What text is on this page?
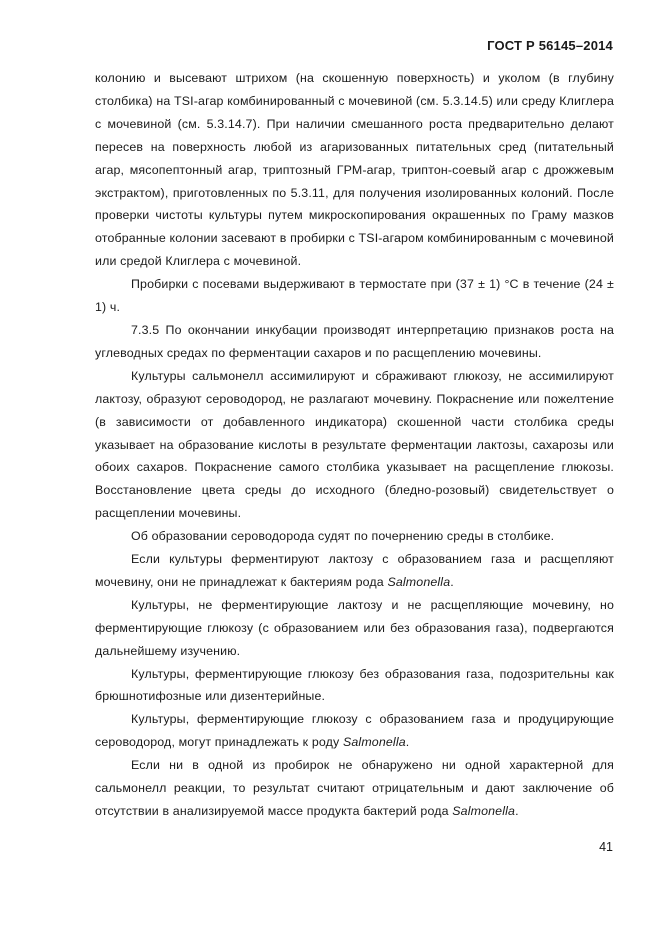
ГОСТ Р 56145–2014

колонию и высевают штрихом (на скошенную поверхность) и уколом (в глубину столбика) на TSI-агар комбинированный с мочевиной (см. 5.3.14.5) или среду Клиглера с мочевиной (см. 5.3.14.7). При наличии смешанного роста предварительно делают пересев на поверхность любой из агаризованных питательных сред (питательный агар, мясопептонный агар, триптозный ГРМ-агар, триптон-соевый агар с дрожжевым экстрактом), приготовленных по 5.3.11, для получения изолированных колоний. После проверки чистоты культуры путем микроскопирования окрашенных по Граму мазков отобранные колонии засевают в пробирки с TSI-агаром комбинированным с мочевиной или средой Клиглера с мочевиной.

Пробирки с посевами выдерживают в термостате при (37 ± 1) °С в течение (24 ± 1) ч.

7.3.5 По окончании инкубации производят интерпретацию признаков роста на углеводных средах по ферментации сахаров и по расщеплению мочевины.

Культуры сальмонелл ассимилируют и сбраживают глюкозу, не ассимилируют лактозу, образуют сероводород, не разлагают мочевину. Покраснение или пожелтение (в зависимости от добавленного индикатора) скошенной части столбика среды указывает на образование кислоты в результате ферментации лактозы, сахарозы или обоих сахаров. Покраснение самого столбика указывает на расщепление глюкозы. Восстановление цвета среды до исходного (бледно-розовый) свидетельствует о расщеплении мочевины.

Об образовании сероводорода судят по почернению среды в столбике.

Если культуры ферментируют лактозу с образованием газа и расщепляют мочевину, они не принадлежат к бактериям рода Salmonella.

Культуры, не ферментирующие лактозу и не расщепляющие мочевину, но ферментирующие глюкозу (с образованием или без образования газа), подвергаются дальнейшему изучению.

Культуры, ферментирующие глюкозу без образования газа, подозрительны как брюшнотифозные или дизентерийные.

Культуры, ферментирующие глюкозу с образованием газа и продуцирующие сероводород, могут принадлежать к роду Salmonella.

Если ни в одной из пробирок не обнаружено ни одной характерной для сальмонелл реакции, то результат считают отрицательным и дают заключение об отсутствии в анализируемой массе продукта бактерий рода Salmonella.

41
